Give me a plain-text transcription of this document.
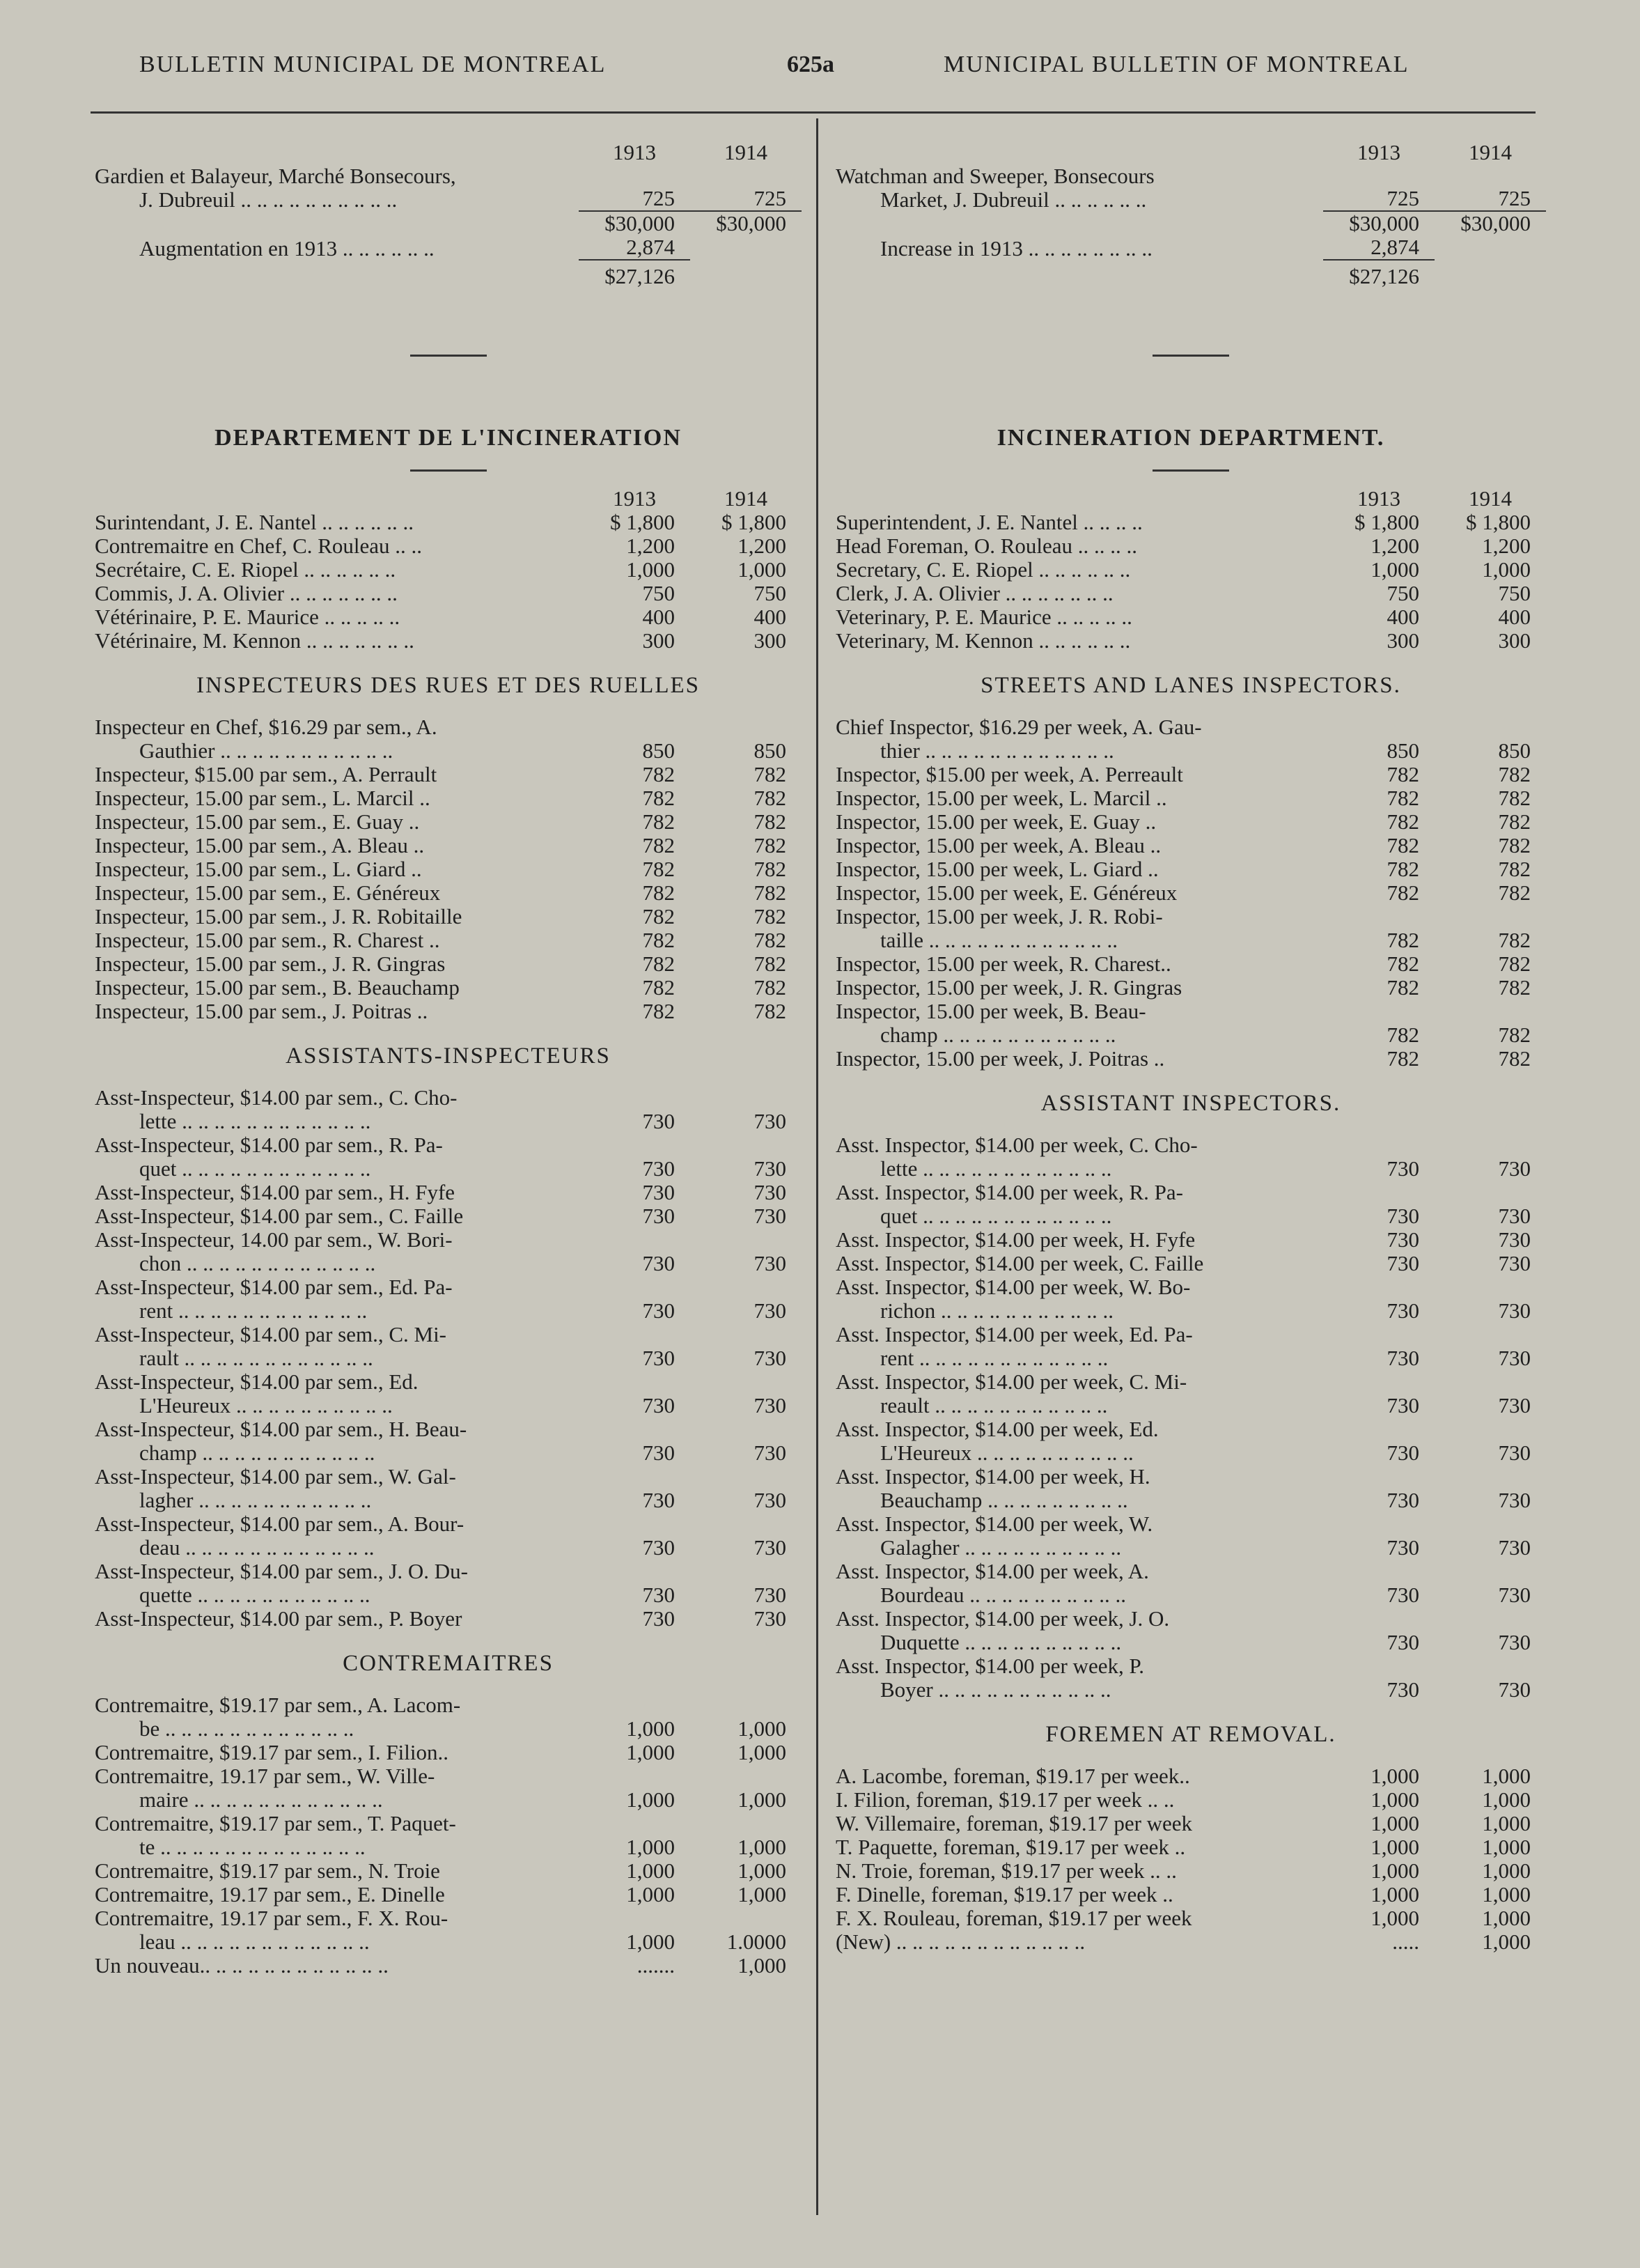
BULLETIN MUNICIPAL DE MONTREAL	625a	MUNICIPAL BULLETIN OF MONTREAL
1913	1914
Gardien et Balayeur, Marché Bonsecours,
J. Dubreuil .. .. .. .. .. .. .. .. .. ..	725	725
$30,000	$30,000
Augmentation en 1913 .. .. .. .. .. ..	2,874
$27,126
DEPARTEMENT DE L'INCINERATION
1913	1914
Surintendant, J. E. Nantel .. .. .. .. .. ..	$ 1,800	$ 1,800
Contremaitre en Chef, C. Rouleau .. ..	1,200	1,200
Secrétaire, C. E. Riopel .. .. .. .. .. ..	1,000	1,000
Commis, J. A. Olivier .. .. .. .. .. .. ..	750	750
Vétérinaire, P. E. Maurice .. .. .. .. ..	400	400
Vétérinaire, M. Kennon .. .. .. .. .. .. ..	300	300
INSPECTEURS DES RUES ET DES RUELLES
Inspecteur en Chef, $16.29 par sem., A.
Gauthier .. .. .. .. .. .. .. .. .. .. ..	850	850
Inspecteur, $15.00 par sem., A. Perrault	782	782
Inspecteur, 15.00 par sem., L. Marcil ..	782	782
Inspecteur, 15.00 par sem., E. Guay ..	782	782
Inspecteur, 15.00 par sem., A. Bleau ..	782	782
Inspecteur, 15.00 par sem., L. Giard ..	782	782
Inspecteur, 15.00 par sem., E. Généreux	782	782
Inspecteur, 15.00 par sem., J. R. Robitaille	782	782
Inspecteur, 15.00 par sem., R. Charest ..	782	782
Inspecteur, 15.00 par sem., J. R. Gingras	782	782
Inspecteur, 15.00 par sem., B. Beauchamp	782	782
Inspecteur, 15.00 par sem., J. Poitras ..	782	782
ASSISTANTS-INSPECTEURS
Asst-Inspecteur, $14.00 par sem., C. Cho-
lette .. .. .. .. .. .. .. .. .. .. .. ..	730	730
Asst-Inspecteur, $14.00 par sem., R. Pa-
quet .. .. .. .. .. .. .. .. .. .. .. ..	730	730
Asst-Inspecteur, $14.00 par sem., H. Fyfe	730	730
Asst-Inspecteur, $14.00 par sem., C. Faille	730	730
Asst-Inspecteur, 14.00 par sem., W. Bori-
chon .. .. .. .. .. .. .. .. .. .. .. ..	730	730
Asst-Inspecteur, $14.00 par sem., Ed. Pa-
rent .. .. .. .. .. .. .. .. .. .. .. ..	730	730
Asst-Inspecteur, $14.00 par sem., C. Mi-
rault .. .. .. .. .. .. .. .. .. .. .. ..	730	730
Asst-Inspecteur, $14.00 par sem., Ed.
L'Heureux .. .. .. .. .. .. .. .. .. ..	730	730
Asst-Inspecteur, $14.00 par sem., H. Beau-
champ .. .. .. .. .. .. .. .. .. .. ..	730	730
Asst-Inspecteur, $14.00 par sem., W. Gal-
lagher .. .. .. .. .. .. .. .. .. .. ..	730	730
Asst-Inspecteur, $14.00 par sem., A. Bour-
deau .. .. .. .. .. .. .. .. .. .. .. ..	730	730
Asst-Inspecteur, $14.00 par sem., J. O. Du-
quette .. .. .. .. .. .. .. .. .. .. ..	730	730
Asst-Inspecteur, $14.00 par sem., P. Boyer	730	730
CONTREMAITRES
Contremaitre, $19.17 par sem., A. Lacom-
be .. .. .. .. .. .. .. .. .. .. .. ..	1,000	1,000
Contremaitre, $19.17 par sem., I. Filion..	1,000	1,000
Contremaitre, 19.17 par sem., W. Ville-
maire .. .. .. .. .. .. .. .. .. .. .. ..	1,000	1,000
Contremaitre, $19.17 par sem., T. Paquet-
te .. .. .. .. .. .. .. .. .. .. .. .. ..	1,000	1,000
Contremaitre, $19.17 par sem., N. Troie	1,000	1,000
Contremaitre, 19.17 par sem., E. Dinelle	1,000	1,000
Contremaitre, 19.17 par sem., F. X. Rou-
leau .. .. .. .. .. .. .. .. .. .. .. ..	1,000	1.0000
Un nouveau.. .. .. .. .. .. .. .. .. .. .. ..	.......	1,000
1913	1914
Watchman and Sweeper, Bonsecours
Market, J. Dubreuil .. .. .. .. .. ..	725	725
$30,000	$30,000
Increase in 1913 .. .. .. .. .. .. .. ..	2,874
$27,126
INCINERATION DEPARTMENT.
1913	1914
Superintendent, J. E. Nantel .. .. .. ..	$ 1,800	$ 1,800
Head Foreman, O. Rouleau .. .. .. ..	1,200	1,200
Secretary, C. E. Riopel .. .. .. .. .. ..	1,000	1,000
Clerk, J. A. Olivier .. .. .. .. .. .. ..	750	750
Veterinary, P. E. Maurice .. .. .. .. ..	400	400
Veterinary, M. Kennon .. .. .. .. .. ..	300	300
STREETS AND LANES INSPECTORS.
Chief Inspector, $16.29 per week, A. Gau-
thier .. .. .. .. .. .. .. .. .. .. .. ..	850	850
Inspector, $15.00 per week, A. Perreault	782	782
Inspector, 15.00 per week, L. Marcil ..	782	782
Inspector, 15.00 per week, E. Guay ..	782	782
Inspector, 15.00 per week, A. Bleau ..	782	782
Inspector, 15.00 per week, L. Giard ..	782	782
Inspector, 15.00 per week, E. Généreux	782	782
Inspector, 15.00 per week, J. R. Robi-
taille .. .. .. .. .. .. .. .. .. .. .. ..	782	782
Inspector, 15.00 per week, R. Charest..	782	782
Inspector, 15.00 per week, J. R. Gingras	782	782
Inspector, 15.00 per week, B. Beau-
champ .. .. .. .. .. .. .. .. .. .. ..	782	782
Inspector, 15.00 per week, J. Poitras ..	782	782
ASSISTANT INSPECTORS.
Asst. Inspector, $14.00 per week, C. Cho-
lette .. .. .. .. .. .. .. .. .. .. .. ..	730	730
Asst. Inspector, $14.00 per week, R. Pa-
quet .. .. .. .. .. .. .. .. .. .. .. ..	730	730
Asst. Inspector, $14.00 per week, H. Fyfe	730	730
Asst. Inspector, $14.00 per week, C. Faille	730	730
Asst. Inspector, $14.00 per week, W. Bo-
richon .. .. .. .. .. .. .. .. .. .. ..	730	730
Asst. Inspector, $14.00 per week, Ed. Pa-
rent .. .. .. .. .. .. .. .. .. .. .. ..	730	730
Asst. Inspector, $14.00 per week, C. Mi-
reault .. .. .. .. .. .. .. .. .. .. ..	730	730
Asst. Inspector, $14.00 per week, Ed.
L'Heureux .. .. .. .. .. .. .. .. .. ..	730	730
Asst. Inspector, $14.00 per week, H.
Beauchamp .. .. .. .. .. .. .. .. ..	730	730
Asst. Inspector, $14.00 per week, W.
Galagher .. .. .. .. .. .. .. .. .. ..	730	730
Asst. Inspector, $14.00 per week, A.
Bourdeau .. .. .. .. .. .. .. .. .. ..	730	730
Asst. Inspector, $14.00 per week, J. O.
Duquette .. .. .. .. .. .. .. .. .. ..	730	730
Asst. Inspector, $14.00 per week, P.
Boyer .. .. .. .. .. .. .. .. .. .. ..	730	730
FOREMEN AT REMOVAL.
A. Lacombe, foreman, $19.17 per week..	1,000	1,000
I. Filion, foreman, $19.17 per week .. ..	1,000	1,000
W. Villemaire, foreman, $19.17 per week	1,000	1,000
T. Paquette, foreman, $19.17 per week ..	1,000	1,000
N. Troie, foreman, $19.17 per week .. ..	1,000	1,000
F. Dinelle, foreman, $19.17 per week ..	1,000	1,000
F. X. Rouleau, foreman, $19.17 per week	1,000	1,000
(New) .. .. .. .. .. .. .. .. .. .. .. ..	.....	1,000
